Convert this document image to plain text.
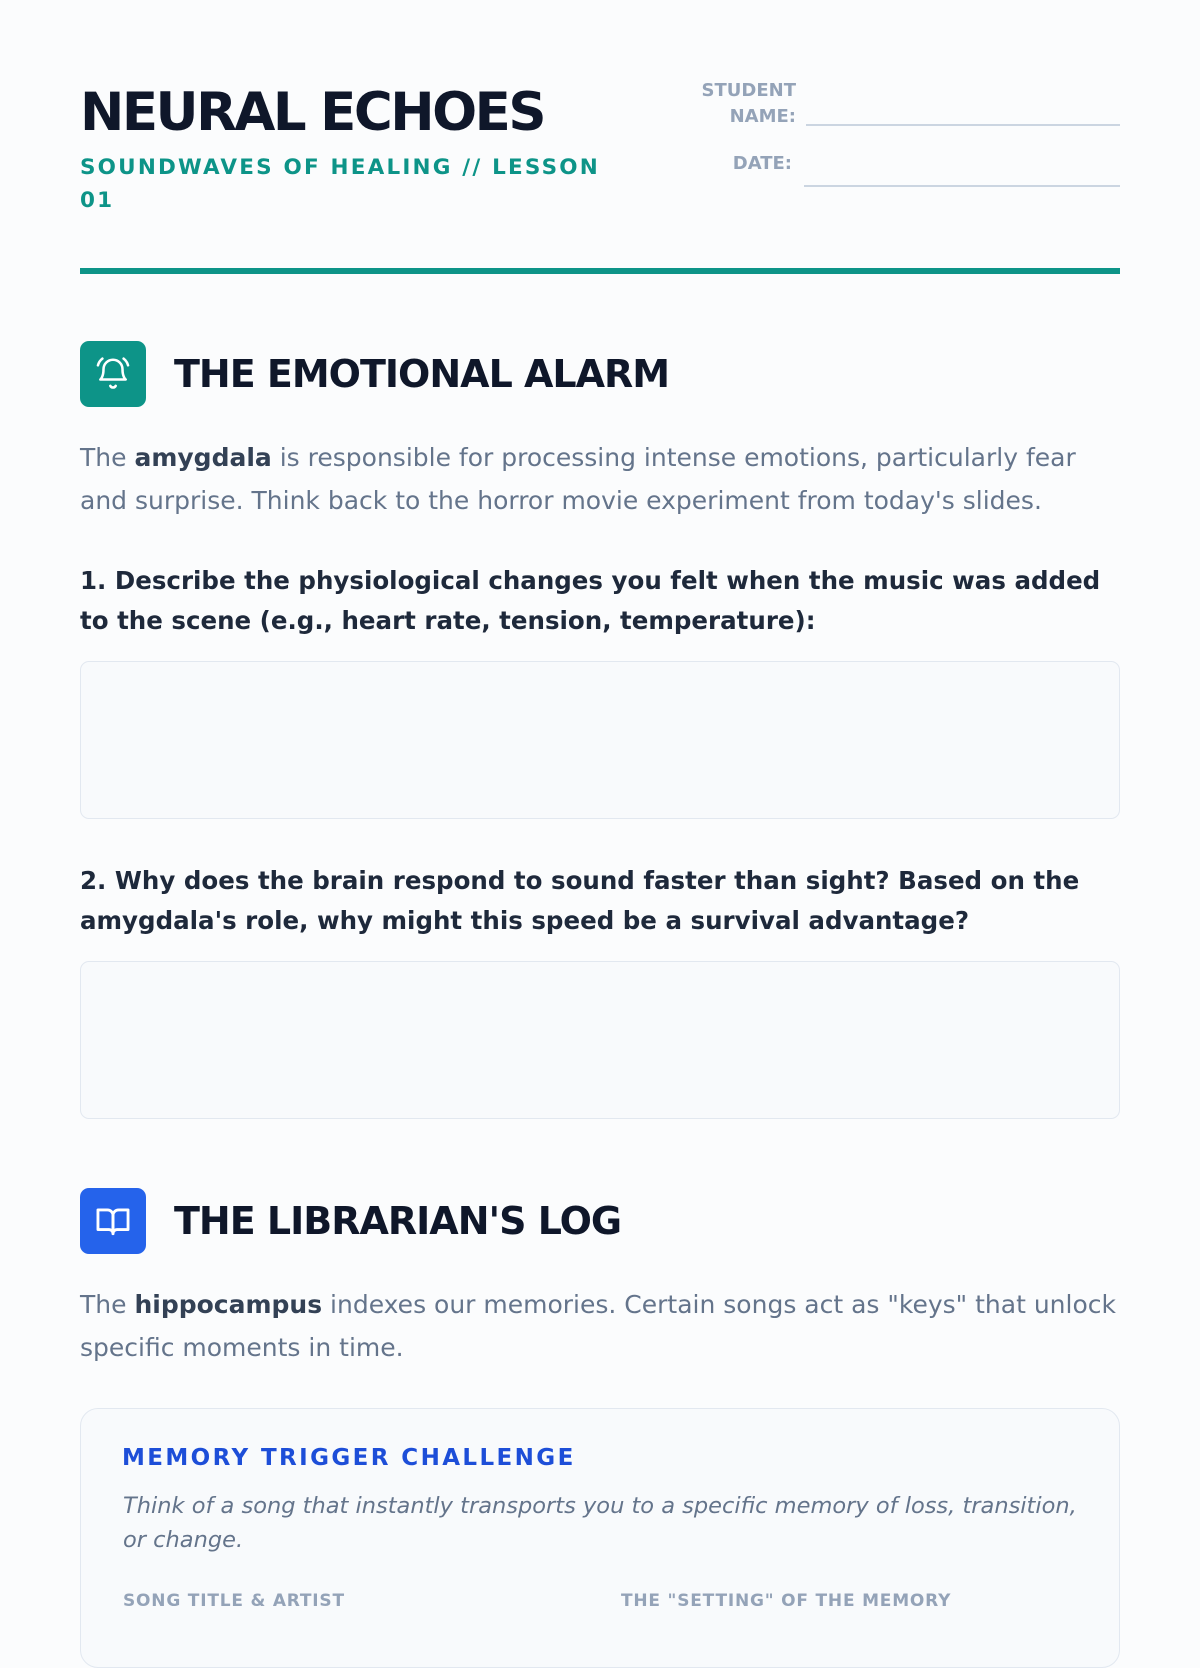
NEURAL ECHOES
SOUNDWAVES OF HEALING // LESSON 01
STUDENT NAME:
DATE:
THE EMOTIONAL ALARM
The amygdala is responsible for processing intense emotions, particularly fear and surprise. Think back to the horror movie experiment from today's slides.
1. Describe the physiological changes you felt when the music was added to the scene (e.g., heart rate, tension, temperature):
2. Why does the brain respond to sound faster than sight? Based on the amygdala's role, why might this speed be a survival advantage?
THE LIBRARIAN'S LOG
The hippocampus indexes our memories. Certain songs act as "keys" that unlock specific moments in time.
MEMORY TRIGGER CHALLENGE
Think of a song that instantly transports you to a specific memory of loss, transition, or change.
SONG TITLE & ARTIST	THE "SETTING" OF THE MEMORY
